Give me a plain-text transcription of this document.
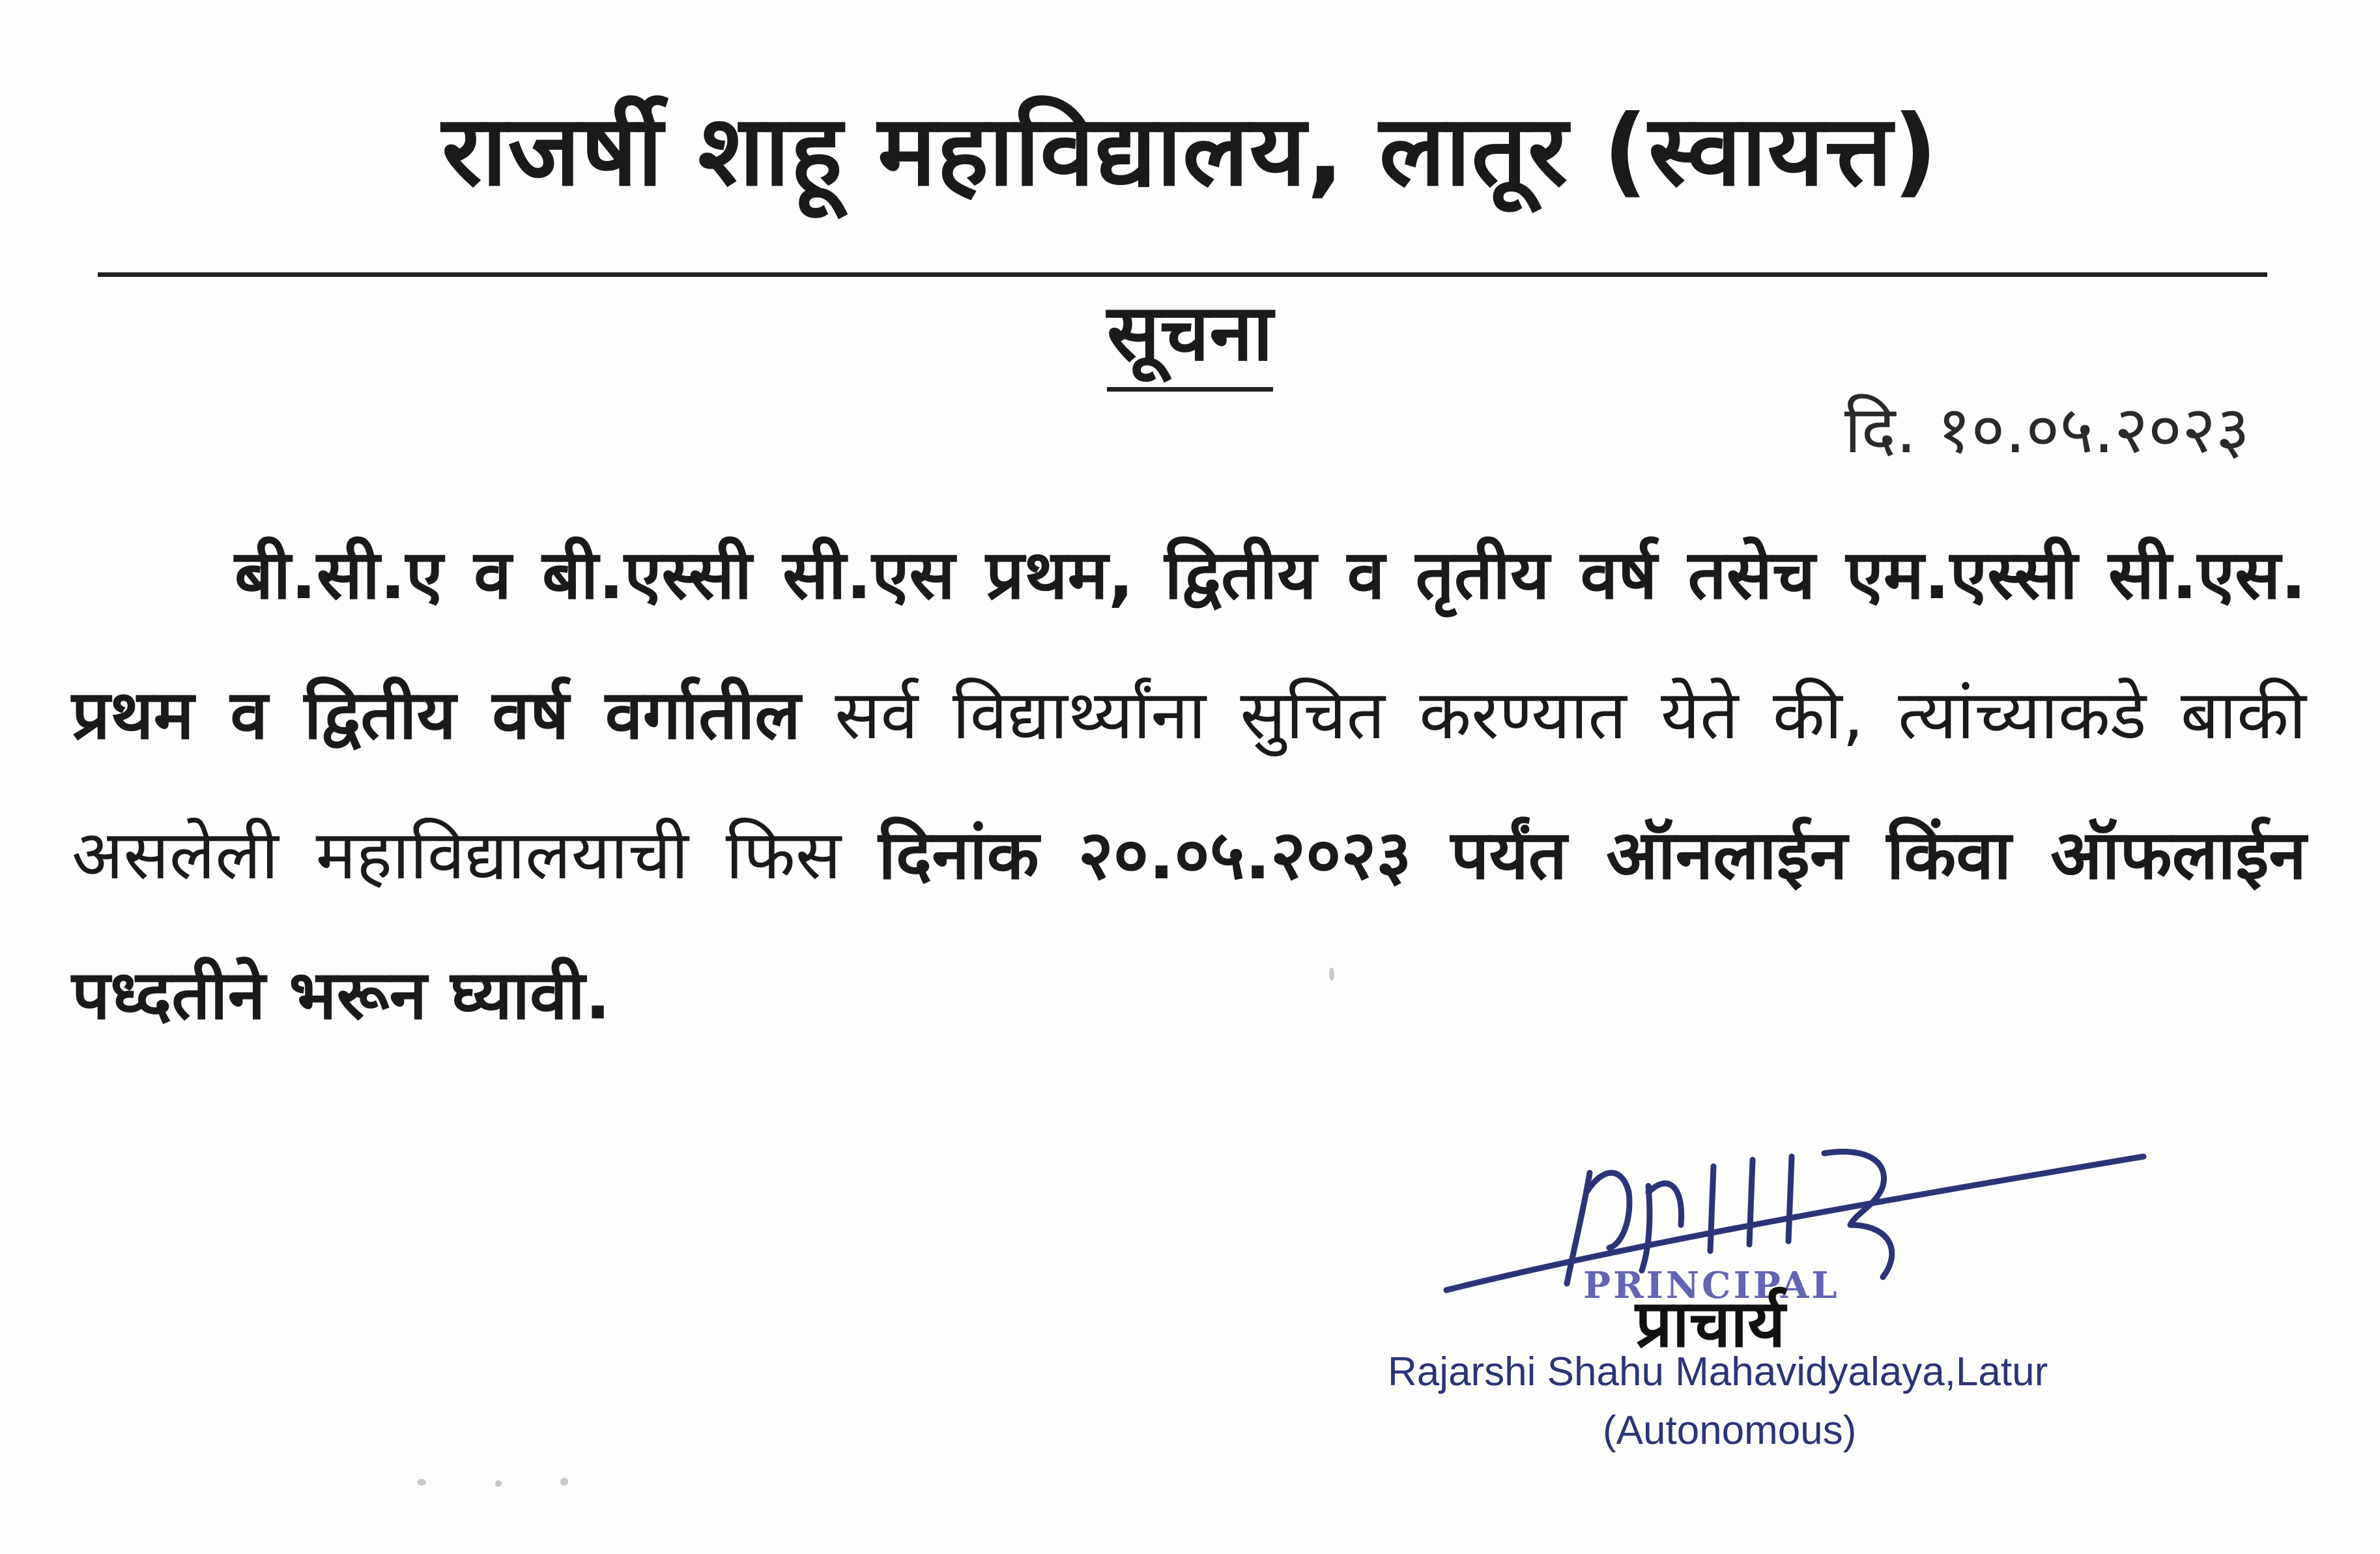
राजर्षी शाहू महाविद्यालय, लातूर (स्वायत्त)
सूचना
दि. १०.०५.२०२३
बी.सी.ए व बी.एस्सी सी.एस प्रथम, द्वितीय व तृतीय वर्ष तसेच एम.एस्सी सी.एस. प्रथम व द्वितीय वर्ष वर्गातील सर्व विद्यार्थ्यांना सुचित करण्यात येते की, त्यांच्याकडे बाकी असलेली महाविद्यालयाची फिस दिनांक २०.०५.२०२३ पर्यंत ऑनलाईन किंवा ऑफलाईन पध्दतीने भरून घ्यावी.
PRINCIPAL
प्राचार्य
Rajarshi Shahu Mahavidyalaya,Latur
(Autonomous)
